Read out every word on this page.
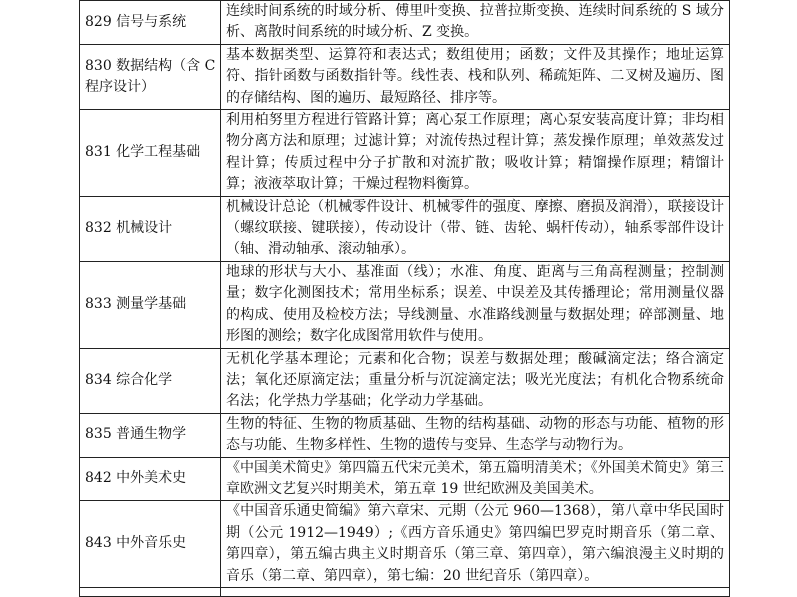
829 信号与系统	连续时间系统的时域分析、傅里叶变换、拉普拉斯变换、连续时间系统的 S 域分析、离散时间系统的时域分析、Z 变换。
830 数据结构（含 C 程序设计）	基本数据类型、运算符和表达式；数组使用；函数；文件及其操作；地址运算符、指针函数与函数指针等。线性表、栈和队列、稀疏矩阵、二叉树及遍历、图的存储结构、图的遍历、最短路径、排序等。
831 化学工程基础	利用柏努里方程进行管路计算；离心泵工作原理；离心泵安装高度计算；非均相物分离方法和原理；过滤计算；对流传热过程计算；蒸发操作原理；单效蒸发过程计算；传质过程中分子扩散和对流扩散；吸收计算；精馏操作原理；精馏计算；液液萃取计算；干燥过程物料衡算。
832 机械设计	机械设计总论（机械零件设计、机械零件的强度、摩擦、磨损及润滑），联接设计（螺纹联接、键联接），传动设计（带、链、齿轮、蜗杆传动），轴系零部件设计（轴、滑动轴承、滚动轴承）。
833 测量学基础	地球的形状与大小、基准面（线）；水准、角度、距离与三角高程测量；控制测量；数字化测图技术；常用坐标系；误差、中误差及其传播理论；常用测量仪器的构成、使用及检校方法；导线测量、水准路线测量与数据处理；碎部测量、地形图的测绘；数字化成图常用软件与使用。
834 综合化学	无机化学基本理论；元素和化合物；误差与数据处理；酸碱滴定法；络合滴定法；氧化还原滴定法；重量分析与沉淀滴定法；吸光光度法；有机化合物系统命名法；化学热力学基础；化学动力学基础。
835 普通生物学	生物的特征、生物的物质基础、生物的结构基础、动物的形态与功能、植物的形态与功能、生物多样性、生物的遗传与变异、生态学与动物行为。
842 中外美术史	《中国美术简史》第四篇五代宋元美术，第五篇明清美术；《外国美术简史》第三章欧洲文艺复兴时期美术，第五章 19 世纪欧洲及美国美术。
843 中外音乐史	《中国音乐通史简编》第六章宋、元期（公元 960—1368），第八章中华民国时期（公元 1912—1949）;《西方音乐通史》第四编巴罗克时期音乐（第二章、第四章），第五编古典主义时期音乐（第三章、第四章），第六编浪漫主义时期的音乐（第二章、第四章），第七编：20 世纪音乐（第四章）。
